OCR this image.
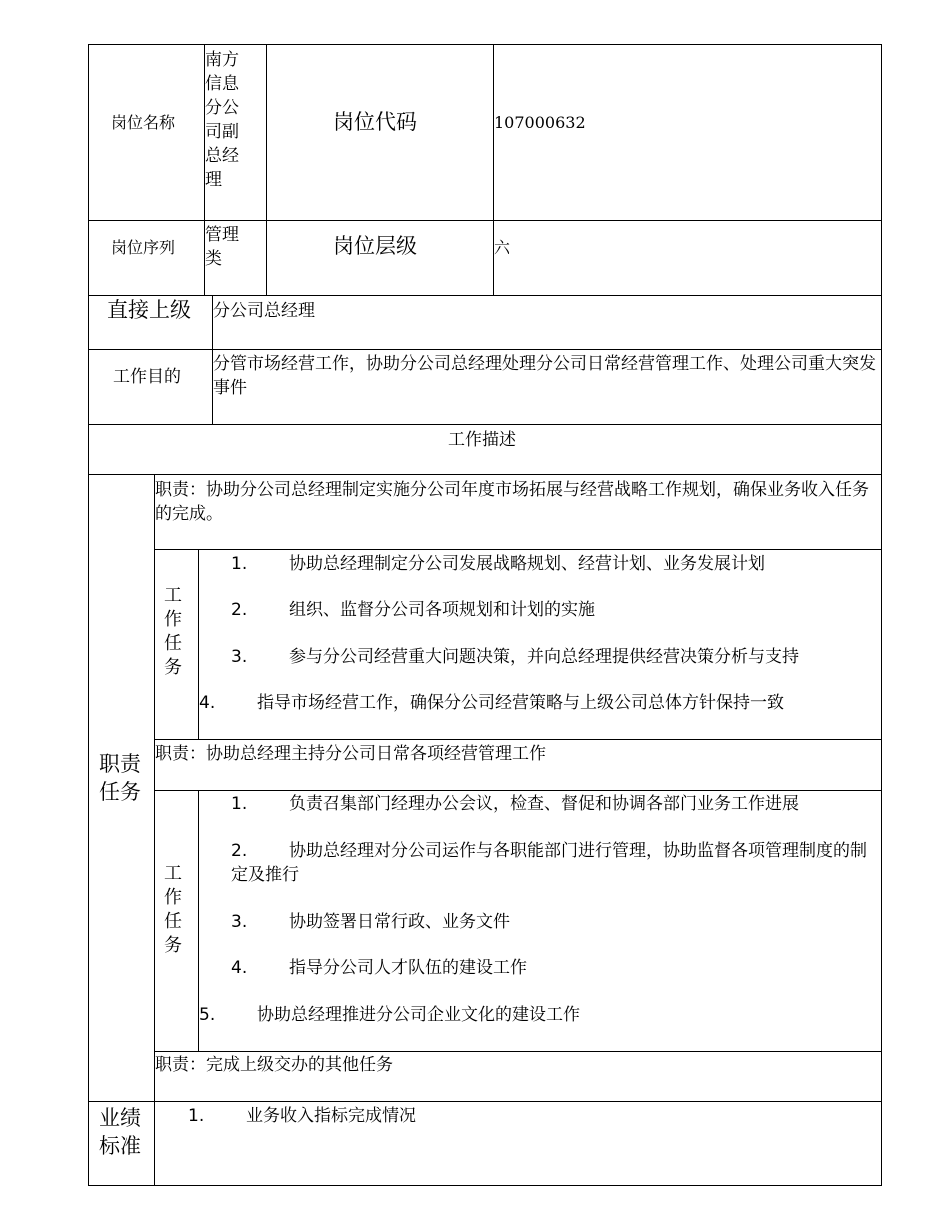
岗位名称
南方信息分公司副总经理
岗位代码	107000632
岗位序列
管理类
岗位层级	六
直接上级 分公司总经理
工作目的
分管市场经营工作，协助分公司总经理处理分公司日常经营管理工作、处理公司重大突发事件
工作描述
职责任务
职责：协助分公司总经理制定实施分公司年度市场拓展与经营战略工作规划，确保业务收入任务的完成。
工作任务
1. 协助总经理制定分公司发展战略规划、经营计划、业务发展计划
2. 组织、监督分公司各项规划和计划的实施
3. 参与分公司经营重大问题决策，并向总经理提供经营决策分析与支持
4. 指导市场经营工作，确保分公司经营策略与上级公司总体方针保持一致
职责：协助总经理主持分公司日常各项经营管理工作
工作任务
1. 负责召集部门经理办公会议，检查、督促和协调各部门业务工作进展
2. 协助总经理对分公司运作与各职能部门进行管理，协助监督各项管理制度的制定及推行
3. 协助签署日常行政、业务文件
4. 指导分公司人才队伍的建设工作
5. 协助总经理推进分公司企业文化的建设工作
职责：完成上级交办的其他任务
业绩标准
1. 业务收入指标完成情况
